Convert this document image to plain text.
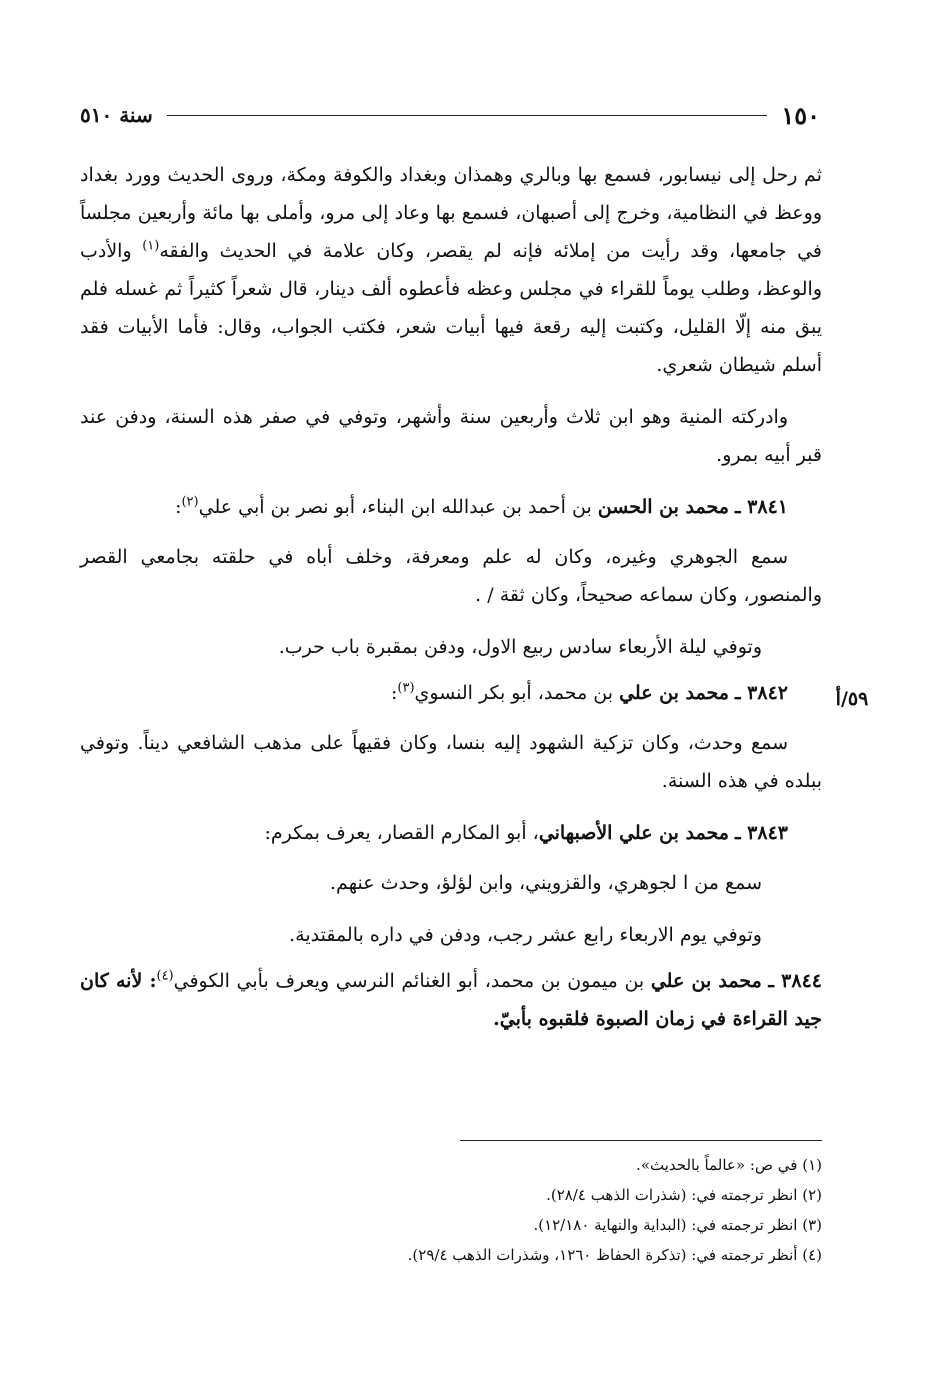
١٥٠
سنة ٥١٠

ثم رحل إلى نيسابور، فسمع بها وبالري وهمذان وبغداد والكوفة ومكة، وروى الحديث وورد بغداد ووعظ في النظامية، وخرج إلى أصبهان، فسمع بها وعاد إلى مرو، وأملى بها مائة وأربعين مجلساً في جامعها، وقد رأيت من إملائه فإنه لم يقصر، وكان علامة في الحديث والفقه$^{(١)}$ والأدب والوعظ، وطلب يوماً للقراء في مجلس وعظه فأعطوه ألف دينار، قال شعراً كثيراً ثم غسله فلم يبق منه إلّا القليل، وكتبت إليه رقعة فيها أبيات شعر، فكتب الجواب، وقال: فأما الأبيات فقد أسلم شيطان شعري.

وادركته المنية وهو ابن ثلاث وأربعين سنة وأشهر، وتوفي في صفر هذه السنة، ودفن عند قبر أبيه بمرو.

٣٨٤١ ـ محمد بن الحسن بن أحمد بن عبدالله ابن البناء، أبو نصر بن أبي علي$^{(٢)}$:

سمع الجوهري وغيره، وكان له علم ومعرفة، وخلف أباه في حلقته بجامعي القصر والمنصور، وكان سماعه صحيحاً، وكان ثقة / .

وتوفي ليلة الأربعاء سادس ربيع الاول، ودفن بمقبرة باب حرب.

٣٨٤٢ ـ محمد بن علي بن محمد، أبو بكر النسوي$^{(٣)}$:

سمع وحدث، وكان تزكية الشهود إليه بنسا، وكان فقيهاً على مذهب الشافعي ديناً. وتوفي ببلده في هذه السنة.

٣٨٤٣ ـ محمد بن علي الأصبهاني، أبو المكارم القصار، يعرف بمكرم:

سمع من ا لجوهري، والقزويني، وابن لؤلؤ، وحدث عنهم.

وتوفي يوم الاربعاء رابع عشر رجب، ودفن في داره بالمقتدية.

٣٨٤٤ ـ محمد بن علي بن ميمون بن محمد، أبو الغنائم النرسي ويعرف بأبي الكوفي$^{(٤)}$: لأنه كان جيد القراءة في زمان الصبوة فلقبوه بأبيّ.

٥٩/أ
(١) في ص: «عالماً بالحديث».
(٢) انظر ترجمته في: (شذرات الذهب ٢٨/٤).
(٣) انظر ترجمته في: (البداية والنهاية ١٢/١٨٠).
(٤) أنظر ترجمته في: (تذكرة الحفاظ ١٢٦٠، وشذرات الذهب ٢٩/٤).
